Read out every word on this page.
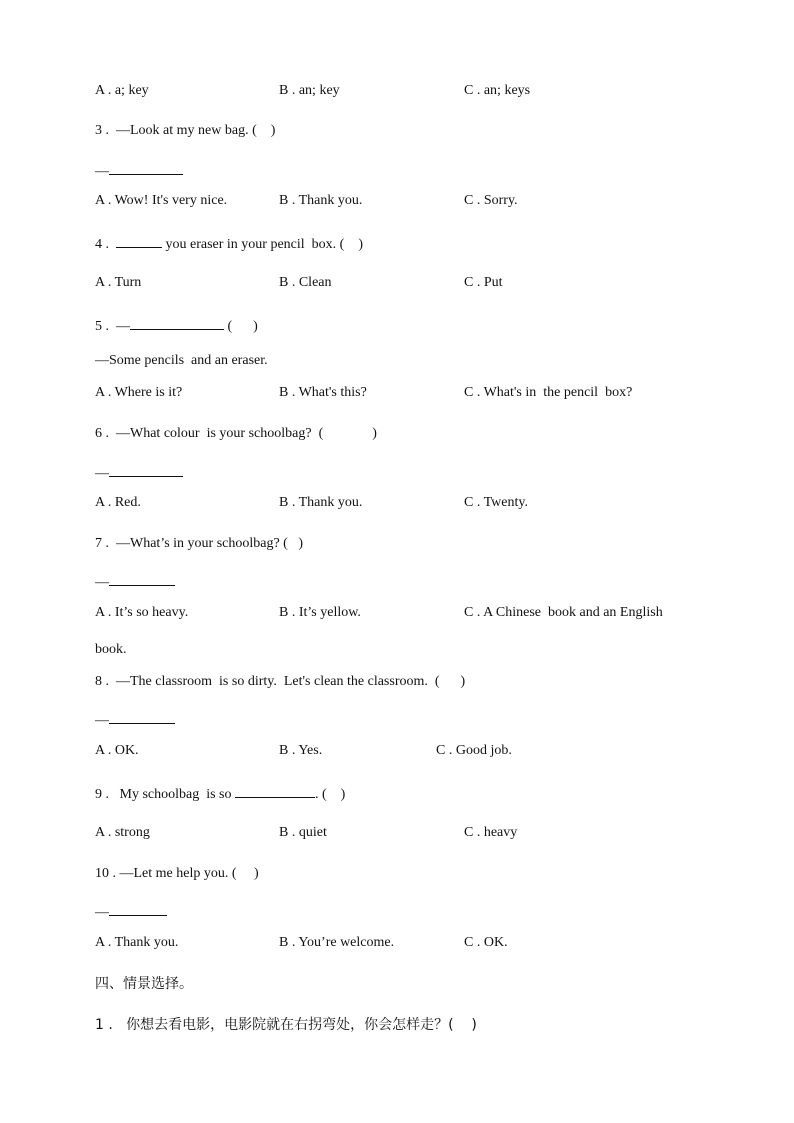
A . a; key	B . an; key	C . an; keys
3 .  —Look at my new bag. (    )
—
A . Wow! It's very nice.	B . Thank you.	C . Sorry.
4 .	you eraser in your pencil  box. (    )
A . Turn	B . Clean	C . Put
5 .  —	(      )
—Some pencils  and an eraser.
A . Where is it?	B . What's this?	C . What's in  the pencil  box?
6 .  —What colour  is your schoolbag?  (              )
—
A . Red.	B . Thank you.	C . Twenty.
7 .  —What’s in your schoolbag? (   )
—
A . It’s so heavy.	B . It’s yellow.	C . A Chinese  book and an English
book.
8 .  —The classroom  is so dirty.  Let's clean the classroom.  (      )
—
A . OK.	B . Yes.	C . Good job.
9 .   My schoolbag  is so	. (    )
A . strong	B . quiet	C . heavy
10 . —Let me help you. (     )
—
A . Thank you.	B . You’re welcome.	C . OK.
四、情景选择。
1 .   你想去看电影，电影院就在右拐弯处，你会怎样走？(    )
